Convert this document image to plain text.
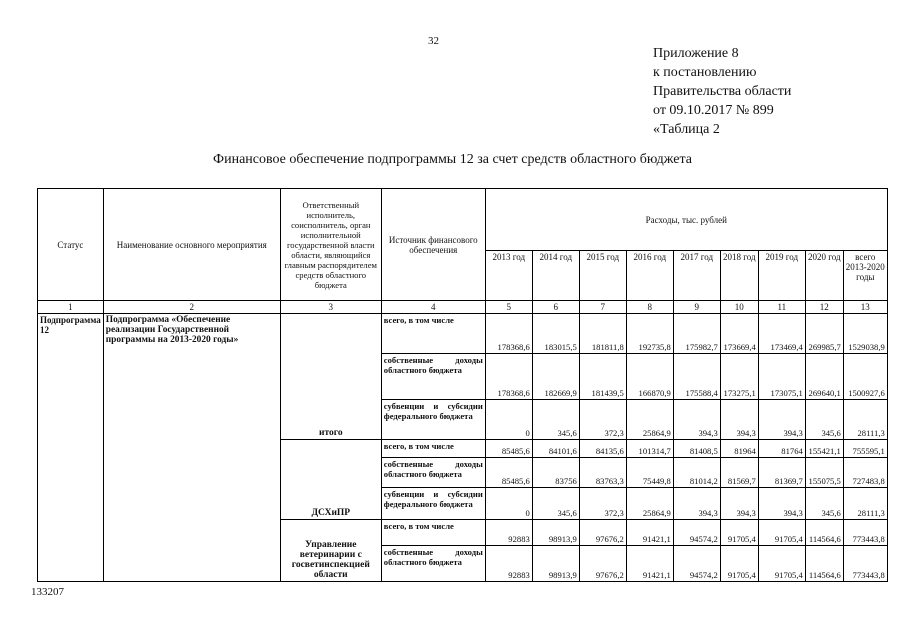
32
Приложение 8
к постановлению
Правительства области
от 09.10.2017 № 899
«Таблица 2
Финансовое обеспечение подпрограммы 12 за счет средств областного бюджета
Статус	Наименование основного мероприятия	Ответственный исполнитель, соисполнитель, орган исполнительной государственной власти области, являющийся главным распорядителем средств областного бюджета	Источник финансового обеспечения	Расходы, тыс. рублей								
				2013 год	2014 год	2015 год	2016 год	2017 год	2018 год	2019 год	2020 год	всего 2013-2020 годы
1	2	3	4	5	6	7	8	9	10	11	12	13
Подпрограмма 12	Подпрограмма «Обеспечение реализации Государственной программы на 2013-2020 годы»	итого	всего, в том числе	178368,6	183015,5	181811,8	192735,8	175982,7	173669,4	173469,4	269985,7	1529038,9
			собственные доходы областного бюджета	178368,6	182669,9	181439,5	166870,9	175588,4	173275,1	173075,1	269640,1	1500927,6
			субвенции и субсидии федерального бюджета	0	345,6	372,3	25864,9	394,3	394,3	394,3	345,6	28111,3
		ДСХиПР	всего, в том числе	85485,6	84101,6	84135,6	101314,7	81408,5	81964	81764	155421,1	755595,1
			собственные доходы областного бюджета	85485,6	83756	83763,3	75449,8	81014,2	81569,7	81369,7	155075,5	727483,8
			субвенции и субсидии федерального бюджета	0	345,6	372,3	25864,9	394,3	394,3	394,3	345,6	28111,3
		Управление ветеринарии с госветинспекцией области	всего, в том числе	92883	98913,9	97676,2	91421,1	94574,2	91705,4	91705,4	114564,6	773443,8
			собственные доходы областного бюджета	92883	98913,9	97676,2	91421,1	94574,2	91705,4	91705,4	114564,6	773443,8
133207
